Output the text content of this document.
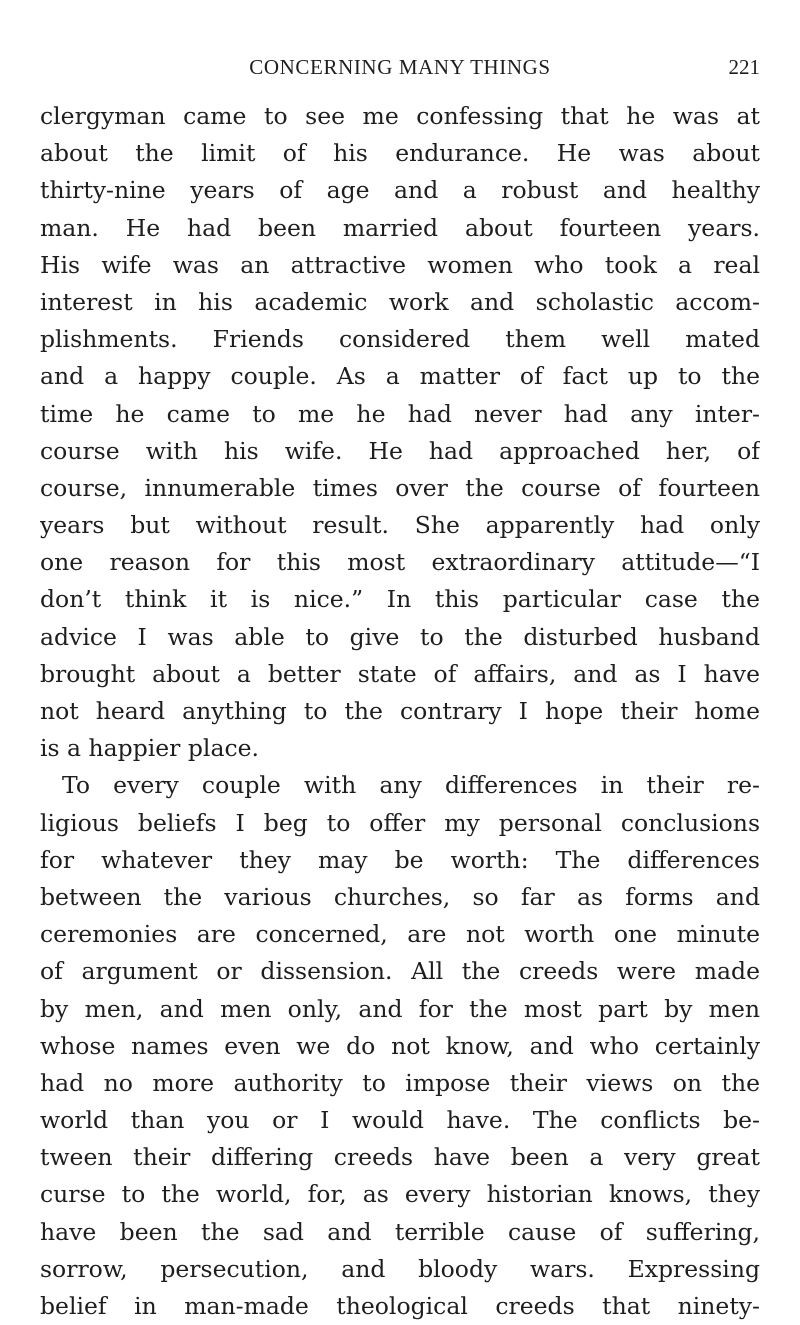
CONCERNING MANY THINGS	221
clergyman came to see me confessing that he was at
about the limit of his endurance. He was about
thirty-nine years of age and a robust and healthy
man. He had been married about fourteen years.
His wife was an attractive women who took a real
interest in his academic work and scholastic accom-
plishments. Friends considered them well mated
and a happy couple. As a matter of fact up to the
time he came to me he had never had any inter-
course with his wife. He had approached her, of
course, innumerable times over the course of fourteen
years but without result. She apparently had only
one reason for this most extraordinary attitude—“I
don’t think it is nice.” In this particular case the
advice I was able to give to the disturbed husband
brought about a better state of affairs, and as I have
not heard anything to the contrary I hope their home
is a happier place.
To every couple with any differences in their re-
ligious beliefs I beg to offer my personal conclusions
for whatever they may be worth: The differences
between the various churches, so far as forms and
ceremonies are concerned, are not worth one minute
of argument or dissension. All the creeds were made
by men, and men only, and for the most part by men
whose names even we do not know, and who certainly
had no more authority to impose their views on the
world than you or I would have. The conflicts be-
tween their differing creeds have been a very great
curse to the world, for, as every historian knows, they
have been the sad and terrible cause of suffering,
sorrow, persecution, and bloody wars. Expressing
belief in man-made theological creeds that ninety-
